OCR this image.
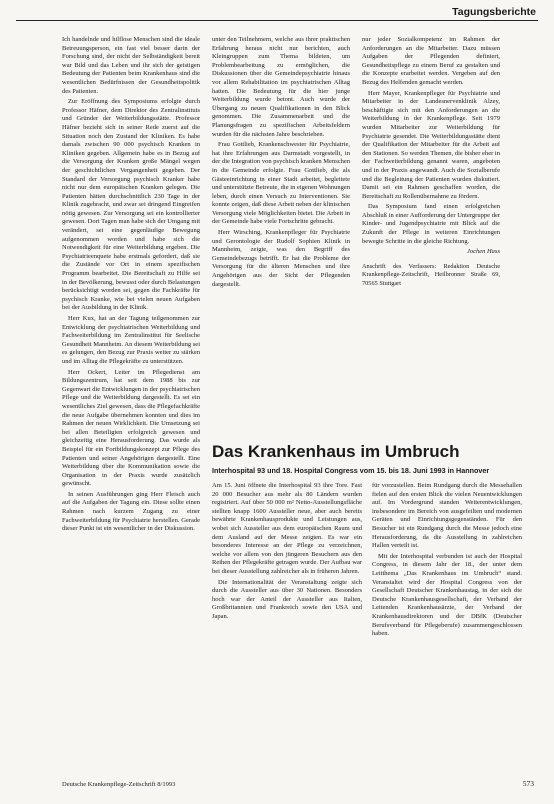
Tagungsberichte

Ich handelnde und hilflose Menschen sind die ideale Betreuungsperson, ein fast viel besser darin der Forschung sind, der nicht der Selbständigkeit bereit war Bild und das Leben und ihr sich der geistigen Bedeutung der Patienten beim Krankenhaus sind die wesentlichen Bedürfnissen der Gesundheitspolitik des Patienten.

Zur Eröffnung des Symposiums erfolgte durch Professor Häfner, dem Direktor des Zentralinstituts und Gründer der Weiterbildungsstätte. Professor Häfner bezieht sich in seiner Rede zuerst auf die Situation noch den Zustand der Kliniken. Es habe damals zwischen 90 000 psychisch Kranken in Kliniken gegeben. Allgemein habe es in Bezug auf die Versorgung der Kranken große Mängel wegen der geschichtlichen Vergangenheit gegeben. Der Standard der Versorgung psychisch Kranker habe nicht nur dem europäischen Kranken gelegen. Die Patienten hätten durchschnittlich 230 Tage in der Klinik zugebracht, und zwar sei dringend Eingreifen nötig gewesen. Zur Versorgung sei ein kontrollierter gewesen. Dort Tagen man habe sich der Umgang mit verändert, sei eine gegenläufige Bewegung aufgenommen worden und habe sich die Notwendigkeit für eine Weiterbildung ergeben. Die Psychiatrieenquete habe erstmals gefordert, daß sie die Zustände vor Ort in einem spezifischen Programm bearbeitet. Die Bereitschaft zu Hilfe sei in der Bevölkerung, bewusst oder durch Belastungen berücksichtigt worden sei, gegen die Fachkräfte für psychisch Kranke, wie bei vielen neuen Aufgaben bei der Ausbildung in der Klinik.

Herr Kux, hat an der Tagung teilgenommen zur Entwicklung der psychiatrischen Weiterbildung und Fachweiterbildung im Zentralinstitut für Seelische Gesundheit Mannheim. An diesem Weiterbildung sei es gelungen, den Bezug zur Praxis weiter zu stärken und im Alltag die Pflegekräfte zu unterstützen.

Herr Ockert, Leiter im Pflegedienst am Bildungszentrum, hat seit dem 1988 bis zur Gegenwart die Entwicklungen in der psychiatrischen Pflege und die Weiterbildung dargestellt. Es sei ein wesentliches Ziel gewesen, dass die Pflegefachkräfte die neue Aufgabe übernehmen konnten und dies im Rahmen der neuen Wirklichkeit. Die Umsetzung sei bei allen Beteiligten erfolgreich gewesen und gleichzeitig eine Herausforderung. Das wurde als Beispiel für ein Fortbildungskonzept zur Pflege des Patienten und seiner Angehörigen dargestellt. Eine Weiterbildung über die Kommunikation sowie die Organisation in der Praxis wurde zusätzlich gewünscht.

In seinen Ausführungen ging Herr Fleisch auch auf die Aufgaben der Tagung ein. Diese sollte einen Rahmen nach kurzem Zugang zu einer Fachweiterbildung für Psychiatrie herstellen. Gerade dieser Punkt ist ein wesentlicher in der Diskussion.

unter den Teilnehmern, welche aus ihrer praktischen Erfahrung heraus nicht nur berichten, auch Kleingruppen zum Thema bildeten, um Problembearbeitung zu ermöglichen, die Diskussionen über die Gemeindepsychiatrie hinaus vor allem Rehabilitation im psychiatrischen Alltag hatten. Die Bedeutung für die hier junge Weiterbildung wurde betont. Auch wurde der Übergang zu neuen Qualifikationen in den Blick genommen. Die Zusammenarbeit und die Planungsfragen zu spezifischen Arbeitsfeldern wurden für die nächsten Jahre beschrieben.

Frau Gottlieb, Krankenschwester für Psychiatrie, hat ihre Erfahrungen aus Darmstadt vorgestellt, in der die Integration von psychisch kranken Menschen in die Gemeinde erfolgte. Frau Gottlieb, die als Gästeeinrichtung in einer Stadt arbeitet, begleitete und unterstützte Betreute, die in eigenen Wohnungen leben, durch einen Versuch zu Interventionen. Sie konnte zeigen, daß diese Arbeit neben der klinischen Versorgung viele Möglichkeiten bietet. Die Arbeit in der Gemeinde habe viele Fortschritte gebracht.

Herr Wirsching, Krankenpfleger für Psychiatrie und Gerontologie der Rudolf Sophien Klinik in Mannheim, zeigte, was den Begriff des Gemeindebezugs betrifft. Er hat die Probleme der Versorgung für die älteren Menschen und ihre Angehörigen aus der Sicht der Pflegenden dargestellt.

nur jeder Sozialkompetenz im Rahmen der Anforderungen an die Mitarbeiter. Dazu müssen Aufgaben der Pflegenden definiert, Gesundheitspflege zu einem Beruf zu gestalten und die Konzepte erarbeitet werden. Vergeben auf den Bezug des Helfenden gemacht werden.

Herr Mayer, Krankenpfleger für Psychiatrie und Mitarbeiter in der Landesnervenklinik Alzey, beschäftigte sich mit den Anforderungen an die Weiterbildung in der Krankenpflege. Seit 1979 wurden Mitarbeiter zur Weiterbildung für Psychiatrie gesendet. Die Weiterbildungsstätte dient der Qualifikation der Mitarbeiter für die Arbeit auf den Stationen. So werden Themen, die bisher eher in der Fachweiterbildung genannt waren, angeboten und in der Praxis angewandt. Auch die Sozialberufe und die Begleitung der Patienten wurden diskutiert. Damit sei ein Rahmen geschaffen worden, die Bereitschaft zu Rollenübernahme zu fördern.

Das Symposium fand einen erfolgreichen Abschluß in einer Aufforderung der Untergruppe der Kinder- und Jugendpsychiatrie mit Blick auf die Zukunft der Pflege in weiteren Einrichtungen bewegte Schritte in die gleiche Richtung.

Jochen Hass
Anschrift des Verfassers: Redaktion Deutsche Krankenpflege-Zeitschrift, Heilbronner Straße 69, 70565 Stuttgart
Das Krankenhaus im Umbruch
Interhospital 93 und 18. Hospital Congress vom 15. bis 18. Juni 1993 in Hannover

Am 15. Juni öffnete die Interhospital 93 ihre Tore. Fast 20 000 Besucher aus mehr als 80 Ländern wurden registriert. Auf über 50 000 m² Netto-Ausstellungsfläche stellten knapp 1600 Aussteller neue, aber auch bereits bewährte Krankenhausprodukte und Leistungen aus, wobei sich Aussteller aus dem europäischen Raum und dem Ausland auf der Messe zeigten. Es war ein besonderes Interesse an der Pflege zu verzeichnen, welche vor allem von den jüngeren Besuchern aus den Reihen der Pflegekräfte getragen wurde. Der Aufbau war bei dieser Ausstellung zahlreicher als in früheren Jahren.

Die Internationalität der Veranstaltung zeigte sich durch die Aussteller aus über 30 Nationen. Besonders hoch war der Anteil der Aussteller aus Italien, Großbritannien und Frankreich sowie den USA und Japan.

für vorzustellen. Beim Rundgang durch die Messehallen fielen auf den ersten Blick die vielen Neuentwicklungen auf. Im Vordergrund standen Weiterentwicklungen, insbesondere im Bereich von ausgefeilten und modernen Geräten und Einrichtungsgegenständen. Für den Besucher ist ein Rundgang durch die Messe jedoch eine Herausforderung, da die Ausstellung in zahlreichen Hallen verteilt ist.

Mit der Interhospital verbunden ist auch der Hospital Congress, in diesem Jahr der 18., der unter dem Leitthema „Das Krankenhaus im Umbruch“ stand. Veranstaltet wird der Hospital Congress von der Gesellschaft Deutscher Krankenhaustag, in der sich die Deutsche Krankenhausgesellschaft, der Verband der Leitenden Krankenhausärzte, der Verband der Krankenhausdirektoren und der DBfK (Deutscher Berufsverband für Pflegeberufe) zusammengeschlossen haben.

Deutsche Krankenpflege-Zeitschrift 8/1993	573
